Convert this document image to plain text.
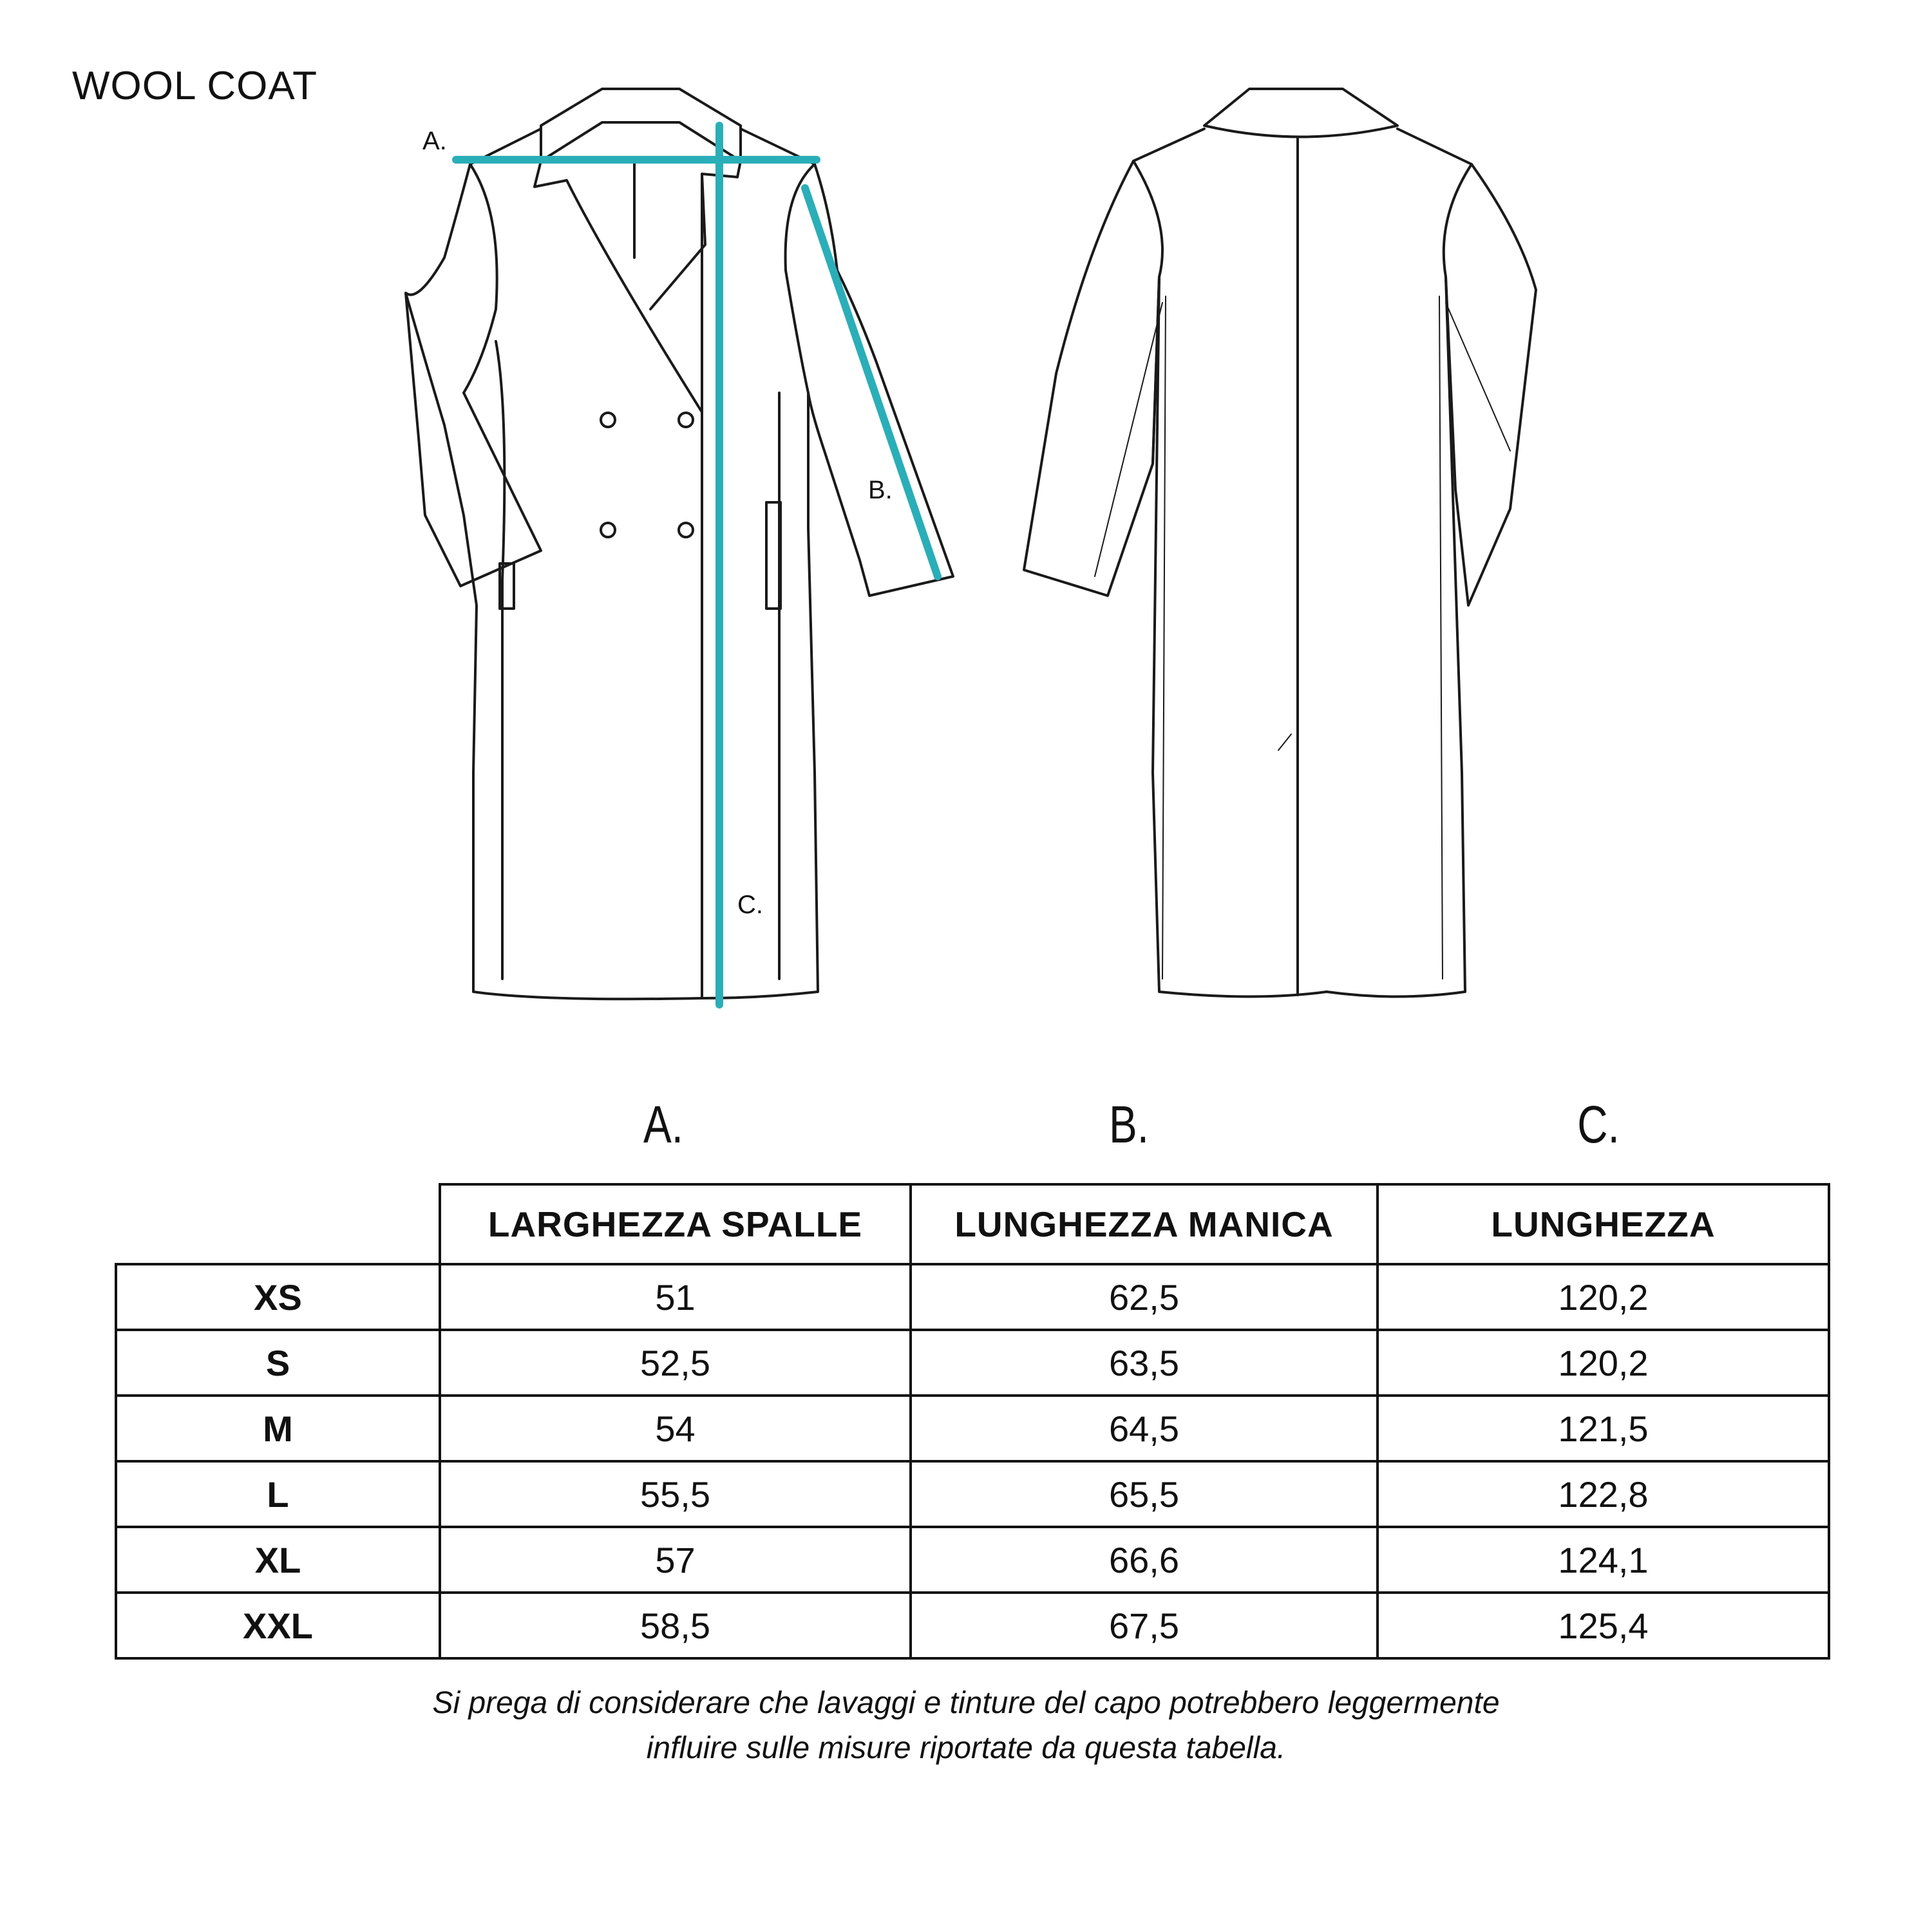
WOOL COAT
A.
B.
C.
A.	B.	C.
	LARGHEZZA SPALLE	LUNGHEZZA MANICA	LUNGHEZZA
XS	51	62,5	120,2
S	52,5	63,5	120,2
M	54	64,5	121,5
L	55,5	65,5	122,8
XL	57	66,6	124,1
XXL	58,5	67,5	125,4
Si prega di considerare che lavaggi e tinture del capo potrebbero leggermente
influire sulle misure riportate da questa tabella.
